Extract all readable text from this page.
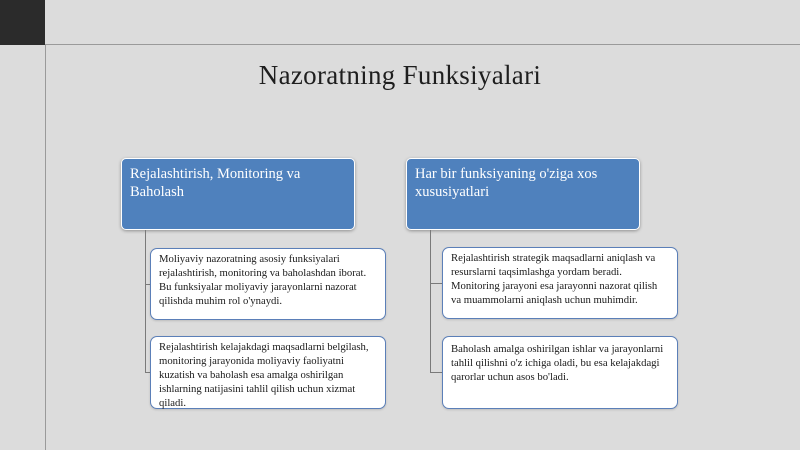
Nazoratning Funksiyalari
Rejalashtirish, Monitoring va Baholash
Moliyaviy nazoratning asosiy funksiyalari rejalashtirish, monitoring va baholashdan iborat. Bu funksiyalar moliyaviy jarayonlarni nazorat qilishda muhim rol o'ynaydi.
Rejalashtirish kelajakdagi maqsadlarni belgilash, monitoring jarayonida moliyaviy faoliyatni kuzatish va baholash esa amalga oshirilgan ishlarning natijasini tahlil qilish uchun xizmat qiladi.
Har bir funksiyaning o'ziga xos xususiyatlari
Rejalashtirish strategik maqsadlarni aniqlash va resurslarni taqsimlashga yordam beradi. Monitoring jarayoni esa jarayonni nazorat qilish va muammolarni aniqlash uchun muhimdir.
Baholash amalga oshirilgan ishlar va jarayonlarni tahlil qilishni o'z ichiga oladi, bu esa kelajakdagi qarorlar uchun asos bo'ladi.
